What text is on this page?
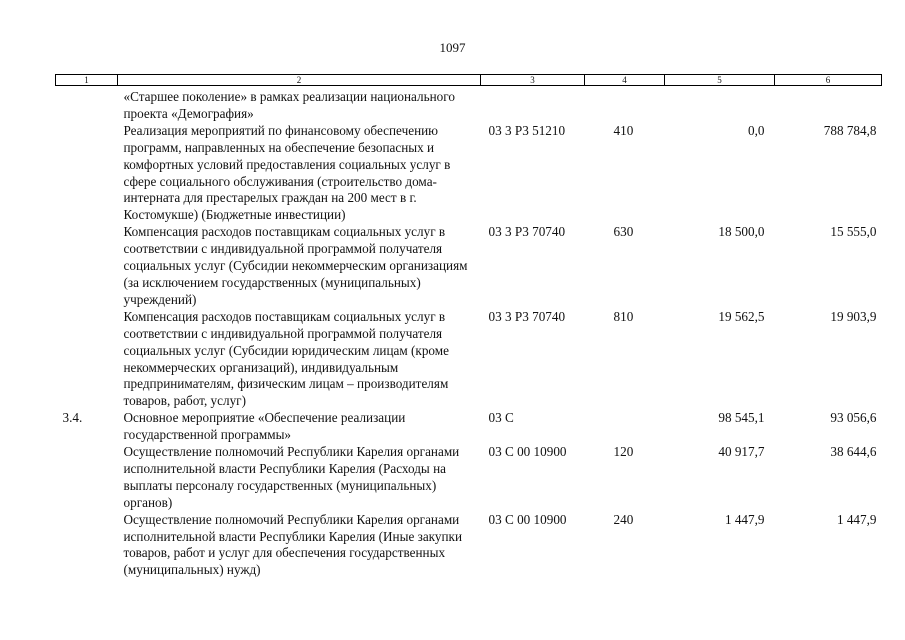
1097
1	2	3	4	5	6
	«Старшее поколение» в рамках реализации национального проекта «Демография»				
	Реализация мероприятий по финансовому обеспечению программ, направленных на обеспечение безопасных и комфортных условий предоставления социальных услуг в сфере социального обслуживания (строительство дома-интерната для престарелых граждан на 200 мест в г. Костомукше) (Бюджетные инвестиции)	03 3 P3 51210	410	0,0	788 784,8
	Компенсация расходов поставщикам социальных услуг в соответствии с индивидуальной программой получателя социальных услуг (Субсидии некоммерческим организациям (за исключением государственных (муниципальных) учреждений)	03 3 P3 70740	630	18 500,0	15 555,0
	Компенсация расходов поставщикам социальных услуг в соответствии с индивидуальной программой получателя социальных услуг (Субсидии юридическим лицам (кроме некоммерческих организаций), индивидуальным предпринимателям, физическим лицам – производителям товаров, работ, услуг)	03 3 P3 70740	810	19 562,5	19 903,9
3.4.	Основное мероприятие «Обеспечение реализации государственной программы»	03 С		98 545,1	93 056,6
	Осуществление полномочий Республики Карелия органами исполнительной власти Республики Карелия (Расходы на выплаты персоналу государственных (муниципальных) органов)	03 С 00 10900	120	40 917,7	38 644,6
	Осуществление полномочий Республики Карелия органами исполнительной власти Республики Карелия (Иные закупки товаров, работ и услуг для обеспечения государственных (муниципальных) нужд)	03 С 00 10900	240	1 447,9	1 447,9
